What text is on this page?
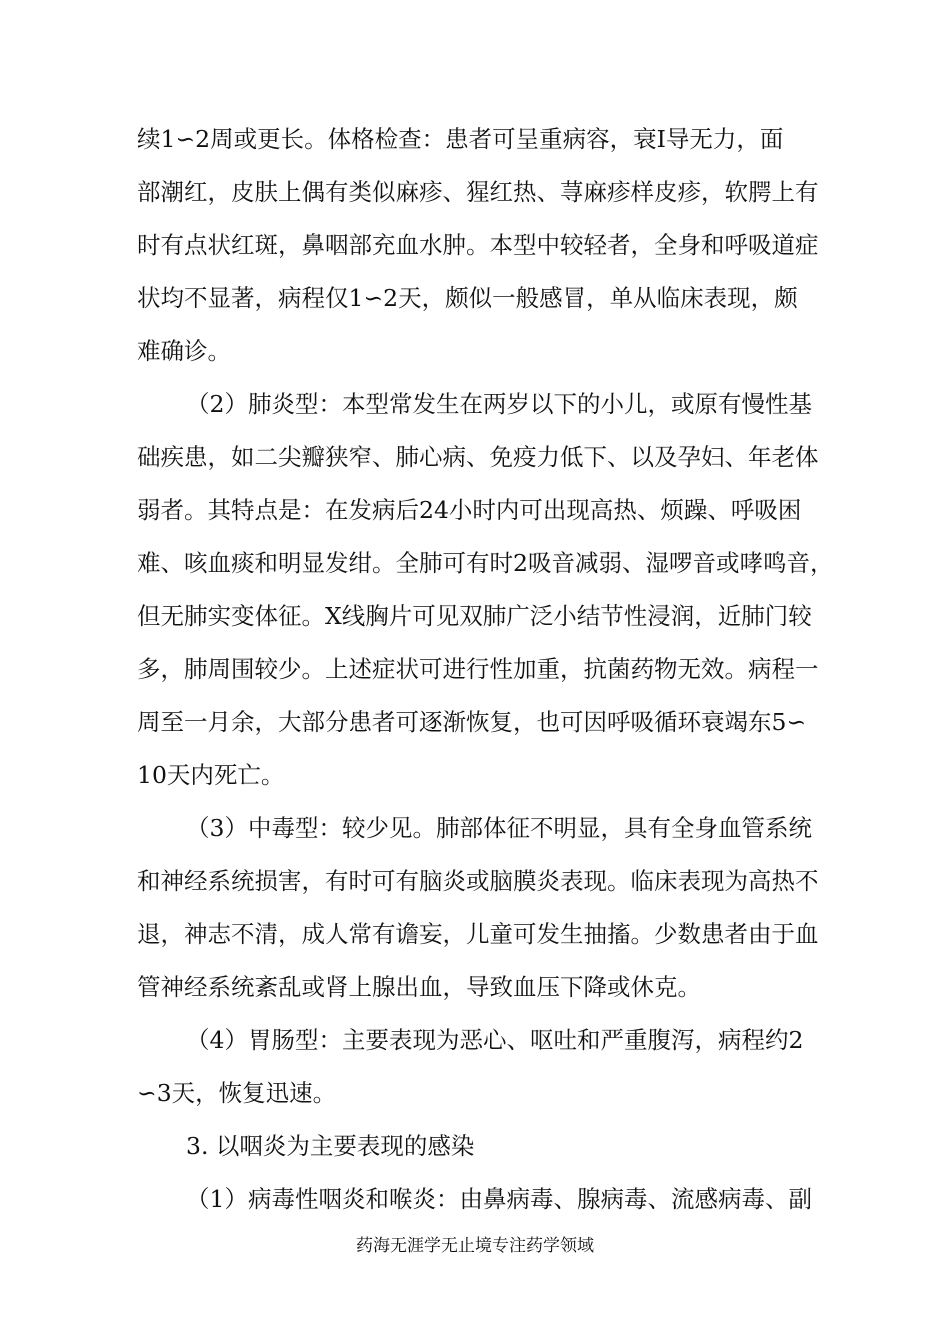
续1∽2周或更长。体格检查：患者可呈重病容，衰Ⅰ导无力，面
部潮红，皮肤上偶有类似麻疹、猩红热、荨麻疹样皮疹，软腭上有
时有点状红斑，鼻咽部充血水肿。本型中较轻者，全身和呼吸道症
状均不显著，病程仅1∽2天，颇似一般感冒，单从临床表现，颇
难确诊。
（2）肺炎型：本型常发生在两岁以下的小儿，或原有慢性基
础疾患，如二尖瓣狭窄、肺心病、免疫力低下、以及孕妇、年老体
弱者。其特点是：在发病后24小时内可出现高热、烦躁、呼吸困
难、咳血痰和明显发绀。全肺可有时2吸音减弱、湿啰音或哮鸣音，
但无肺实变体征。X线胸片可见双肺广泛小结节性浸润，近肺门较
多，肺周围较少。上述症状可进行性加重，抗菌药物无效。病程一
周至一月余，大部分患者可逐渐恢复，也可因呼吸循环衰竭东5∽
10天内死亡。
（3）中毒型：较少见。肺部体征不明显，具有全身血管系统
和神经系统损害，有时可有脑炎或脑膜炎表现。临床表现为高热不
退，神志不清，成人常有谵妄，儿童可发生抽搐。少数患者由于血
管神经系统紊乱或肾上腺出血，导致血压下降或休克。
（4）胃肠型：主要表现为恶心、呕吐和严重腹泻，病程约2
∽3天，恢复迅速。
3. 以咽炎为主要表现的感染
（1）病毒性咽炎和喉炎：由鼻病毒、腺病毒、流感病毒、副
药海无涯学无止境专注药学领域
